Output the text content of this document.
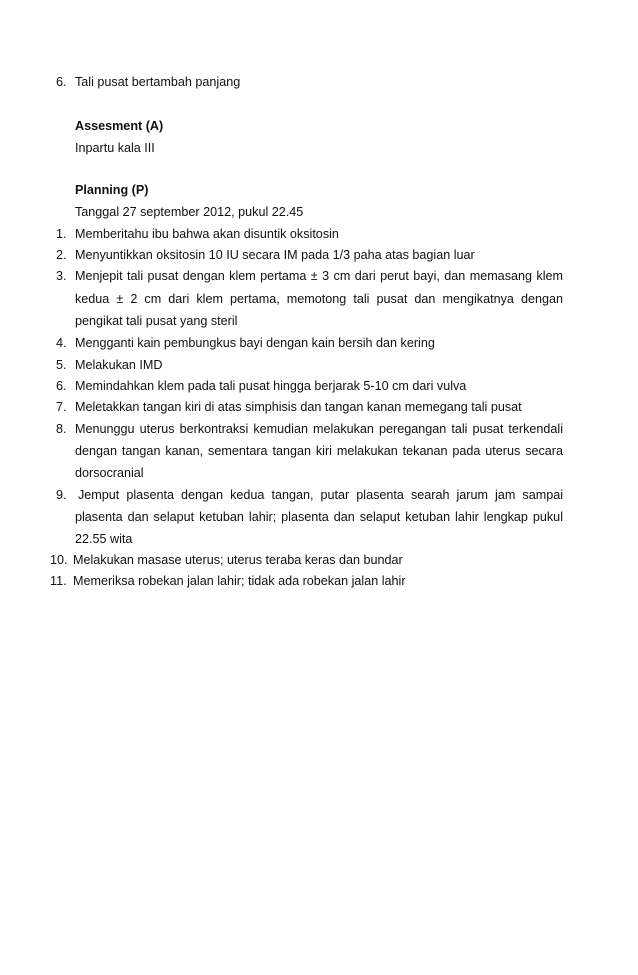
6. Tali pusat bertambah panjang
Assesment (A)
Inpartu kala III
Planning (P)
Tanggal 27 september 2012, pukul 22.45
1. Memberitahu ibu bahwa akan disuntik oksitosin
2. Menyuntikkan oksitosin 10 IU secara IM pada 1/3 paha atas bagian luar
3. Menjepit tali pusat dengan klem pertama ± 3 cm dari perut bayi, dan memasang klem
kedua ± 2 cm dari klem pertama, memotong tali pusat dan mengikatnya dengan
pengikat tali pusat yang steril
4. Mengganti kain pembungkus bayi dengan kain bersih dan kering
5. Melakukan IMD
6. Memindahkan klem pada tali pusat hingga berjarak 5-10 cm dari vulva
7. Meletakkan tangan kiri di atas simphisis dan tangan kanan memegang tali pusat
8. Menunggu uterus berkontraksi kemudian melakukan peregangan tali pusat terkendali
dengan tangan kanan, sementara tangan kiri melakukan tekanan pada uterus secara
dorsocranial
9. Jemput plasenta dengan kedua tangan, putar plasenta searah jarum jam sampai
plasenta dan selaput ketuban lahir; plasenta dan selaput ketuban lahir lengkap pukul
22.55 wita
10. Melakukan masase uterus; uterus teraba keras dan bundar
11. Memeriksa robekan jalan lahir; tidak ada robekan jalan lahir
